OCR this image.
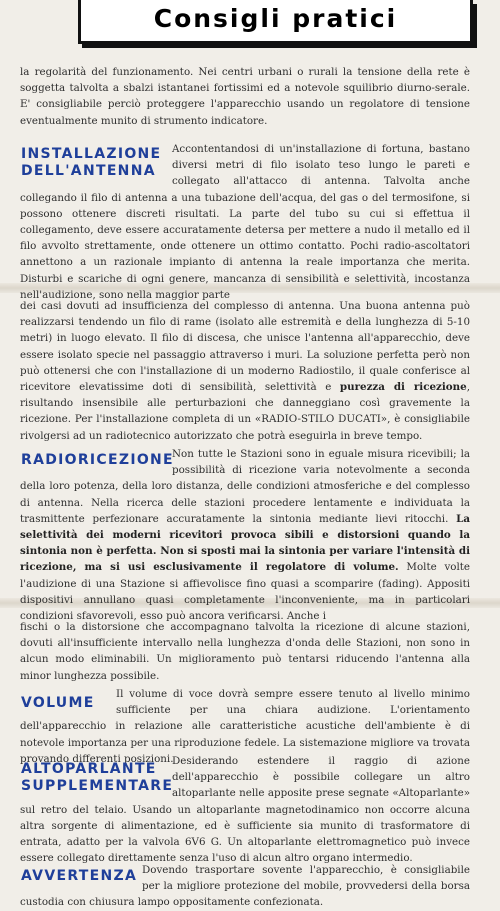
Consigli pratici

la regolarità del funzionamento. Nei centri urbani o rurali la tensione della rete è soggetta talvolta a sbalzi istantanei fortissimi ed a notevole squilibrio diurno-serale. E' consigliabile perciò proteggere l'apparecchio usando un regolatore di tensione eventualmente munito di strumento indicatore.

INSTALLAZIONE
DELL'ANTENNA

Accontentandosi di un'installazione di fortuna, bastano diversi metri di filo isolato teso lungo le pareti e collegato all'attacco di antenna. Talvolta anche collegando il filo di antenna a una tubazione dell'acqua, del gas o del termosifone, si possono ottenere discreti risultati. La parte del tubo su cui si effettua il collegamento, deve essere accuratamente detersa per mettere a nudo il metallo ed il filo avvolto strettamente, onde ottenere un ottimo contatto. Pochi radio-ascoltatori annettono a un razionale impianto di antenna la reale importanza che merita. Disturbi e scariche di ogni genere, mancanza di sensibilità e selettività, incostanza nell'audizione, sono nella maggior parte

dei casi dovuti ad insufficienza del complesso di antenna. Una buona antenna può realizzarsi tendendo un filo di rame (isolato alle estremità e della lunghezza di 5-10 metri) in luogo elevato. Il filo di discesa, che unisce l'antenna all'apparecchio, deve essere isolato specie nel passaggio attraverso i muri. La soluzione perfetta però non può ottenersi che con l'installazione di un moderno Radiostilo, il quale conferisce al ricevitore elevatissime doti di sensibilità, selettività e purezza di ricezione, risultando insensibile alle perturbazioni che danneggiano così gravemente la ricezione. Per l'installazione completa di un «RADIO-STILO DUCATI», è consigliabile rivolgersi ad un radiotecnico autorizzato che potrà eseguirla in breve tempo.

RADIORICEZIONE

Non tutte le Stazioni sono in eguale misura ricevibili; la possibilità di ricezione varia notevolmente a seconda della loro potenza, della loro distanza, delle condizioni atmosferiche e del complesso di antenna. Nella ricerca delle stazioni procedere lentamente e individuata la trasmittente perfezionare accuratamente la sintonia mediante lievi ritocchi. La selettività dei moderni ricevitori provoca sibili e distorsioni quando la sintonia non è perfetta. Non si sposti mai la sintonia per variare l'intensità di ricezione, ma si usi esclusivamente il regolatore di volume. Molte volte l'audizione di una Stazione si affievolisce fino quasi a scomparire (fading). Appositi dispositivi annullano quasi completamente l'inconveniente, ma in particolari condizioni sfavorevoli, esso può ancora verificarsi. Anche i

fischi o la distorsione che accompagnano talvolta la ricezione di alcune stazioni, dovuti all'insufficiente intervallo nella lunghezza d'onda delle Stazioni, non sono in alcun modo eliminabili. Un miglioramento può tentarsi riducendo l'antenna alla minor lunghezza possibile.

VOLUME

Il volume di voce dovrà sempre essere tenuto al livello minimo sufficiente per una chiara audizione. L'orientamento dell'apparecchio in relazione alle caratteristiche acustiche dell'ambiente è di notevole importanza per una riproduzione fedele. La sistemazione migliore va trovata provando differenti posizioni.

ALTOPARLANTE
SUPPLEMENTARE

Desiderando estendere il raggio di azione dell'apparecchio è possibile collegare un altro altoparlante nelle apposite prese segnate «Altoparlante» sul retro del telaio. Usando un altoparlante magnetodinamico non occorre alcuna altra sorgente di alimentazione, ed è sufficiente sia munito di trasformatore di entrata, adatto per la valvola 6V6 G. Un altoparlante elettromagnetico può invece essere collegato direttamente senza l'uso di alcun altro organo intermedio.

AVVERTENZA Dovendo trasportare sovente l'apparecchio, è consigliabile per la migliore protezione del mobile, provvedersi della borsa custodia con chiusura lampo oppositamente confezionata.
